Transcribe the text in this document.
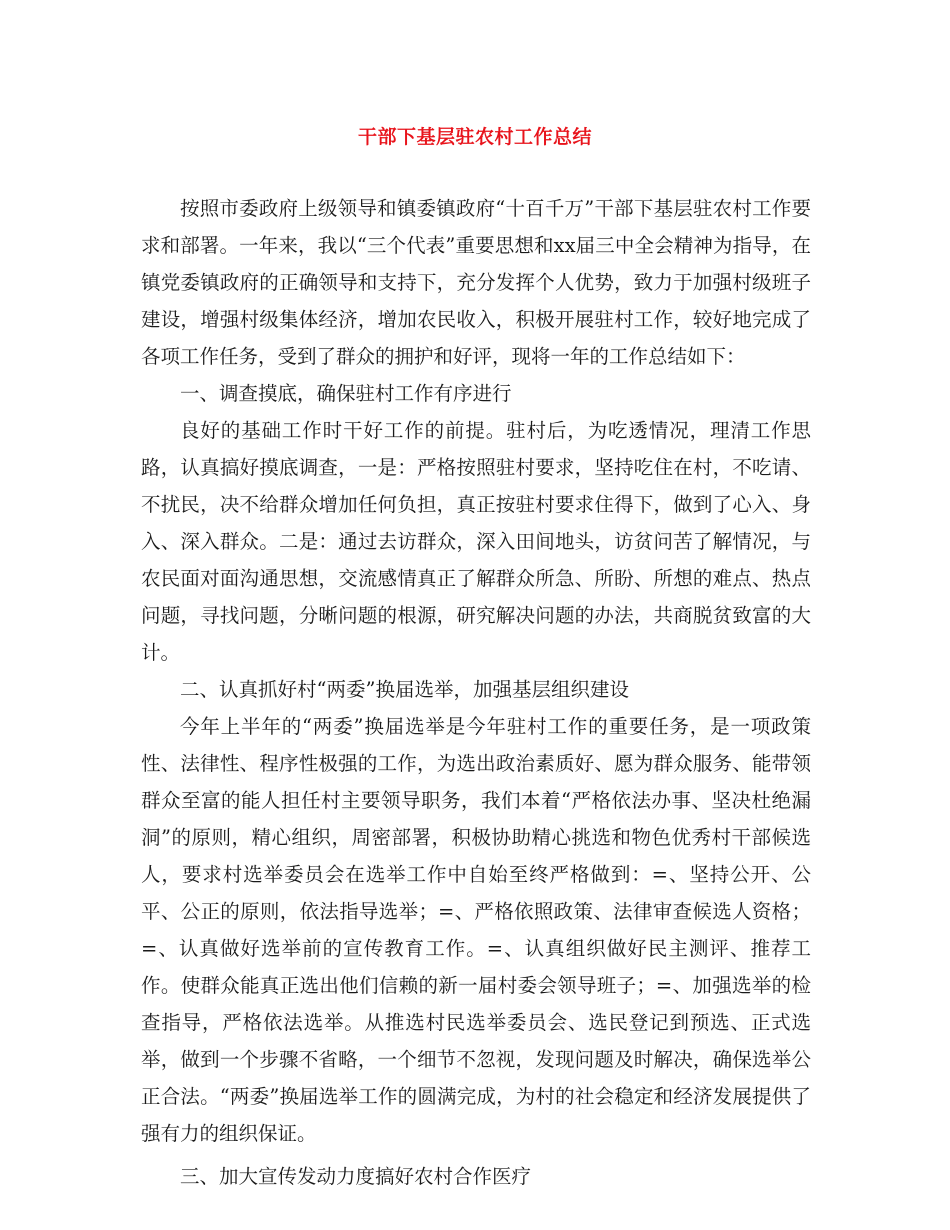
干部下基层驻农村工作总结

按照市委政府上级领导和镇委镇政府“十百千万”干部下基层驻农村工作要求和部署。一年来，我以“三个代表”重要思想和xx届三中全会精神为指导，在镇党委镇政府的正确领导和支持下，充分发挥个人优势，致力于加强村级班子建设，增强村级集体经济，增加农民收入，积极开展驻村工作，较好地完成了各项工作任务，受到了群众的拥护和好评，现将一年的工作总结如下：

一、调查摸底，确保驻村工作有序进行

良好的基础工作时干好工作的前提。驻村后，为吃透情况，理清工作思路，认真搞好摸底调查，一是：严格按照驻村要求，坚持吃住在村，不吃请、不扰民，决不给群众增加任何负担，真正按驻村要求住得下，做到了心入、身入、深入群众。二是：通过去访群众，深入田间地头，访贫问苦了解情况，与农民面对面沟通思想，交流感情真正了解群众所急、所盼、所想的难点、热点问题，寻找问题，分晰问题的根源，研究解决问题的办法，共商脱贫致富的大计。

二、认真抓好村“两委”换届选举，加强基层组织建设

今年上半年的“两委”换届选举是今年驻村工作的重要任务，是一项政策性、法律性、程序性极强的工作，为选出政治素质好、愿为群众服务、能带领群众至富的能人担任村主要领导职务，我们本着“严格依法办事、坚决杜绝漏洞”的原则，精心组织，周密部署，积极协助精心挑选和物色优秀村干部候选人，要求村选举委员会在选举工作中自始至终严格做到：=、坚持公开、公平、公正的原则，依法指导选举；=、严格依照政策、法律审查候选人资格；=、认真做好选举前的宣传教育工作。=、认真组织做好民主测评、推荐工作。使群众能真正选出他们信赖的新一届村委会领导班子；=、加强选举的检查指导，严格依法选举。从推选村民选举委员会、选民登记到预选、正式选举，做到一个步骤不省略，一个细节不忽视，发现问题及时解决，确保选举公正合法。“两委”换届选举工作的圆满完成，为村的社会稳定和经济发展提供了强有力的组织保证。

三、加大宣传发动力度搞好农村合作医疗
